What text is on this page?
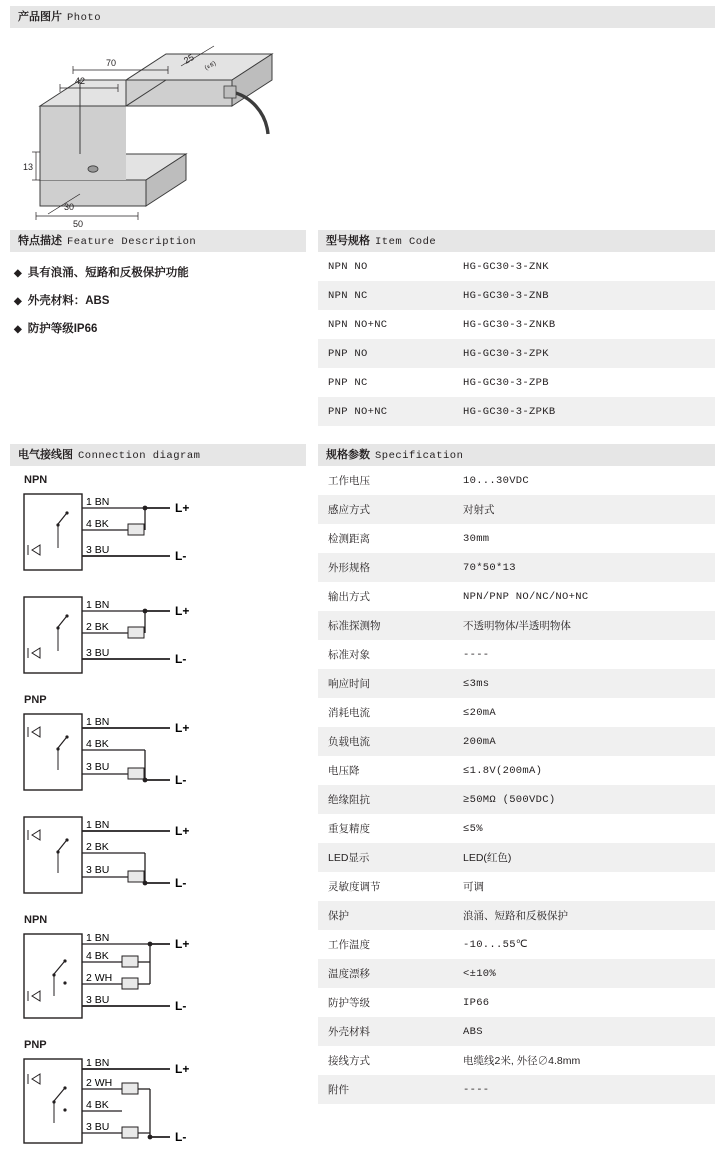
产品图片 Photo
70
42
25
(ะธ)
13
30
50
特点描述 Feature Description
◆ 具有浪涌、短路和反极保护功能
◆ 外壳材料：ABS
◆ 防护等级IP66
型号规格 Item Code
NPN NO	HG-GC30-3-ZNK
NPN NC	HG-GC30-3-ZNB
NPN NO+NC	HG-GC30-3-ZNKB
PNP NO	HG-GC30-3-ZPK
PNP NC	HG-GC30-3-ZPB
PNP NO+NC	HG-GC30-3-ZPKB
电气接线图 Connection diagram
NPN
1 BN
4 BK
3 BU
L+
L-
1 BN
2 BK
3 BU
L+
L-
PNP
1 BN
4 BK
3 BU
L+
L-
1 BN
2 BK
3 BU
L+
L-
NPN
1 BN
4 BK
2 WH
3 BU
L+
L-
PNP
1 BN
2 WH
4 BK
3 BU
L+
L-
规格参数 Specification
工作电压	10...30VDC
感应方式	对射式
检测距离	30mm
外形规格	70*50*13
输出方式	NPN/PNP NO/NC/NO+NC
标准探测物	不透明物体/半透明物体
标准对象	----
响应时间	≤3ms
消耗电流	≤20mA
负载电流	200mA
电压降	≤1.8V(200mA)
绝缘阻抗	≥50MΩ (500VDC)
重复精度	≤5%
LED显示	LED(红色)
灵敏度调节	可调
保护	浪涌、短路和反极保护
工作温度	-10...55℃
温度漂移	<±10%
防护等级	IP66
外壳材料	ABS
接线方式	电缆线2米, 外径∅4.8mm
附件	----
